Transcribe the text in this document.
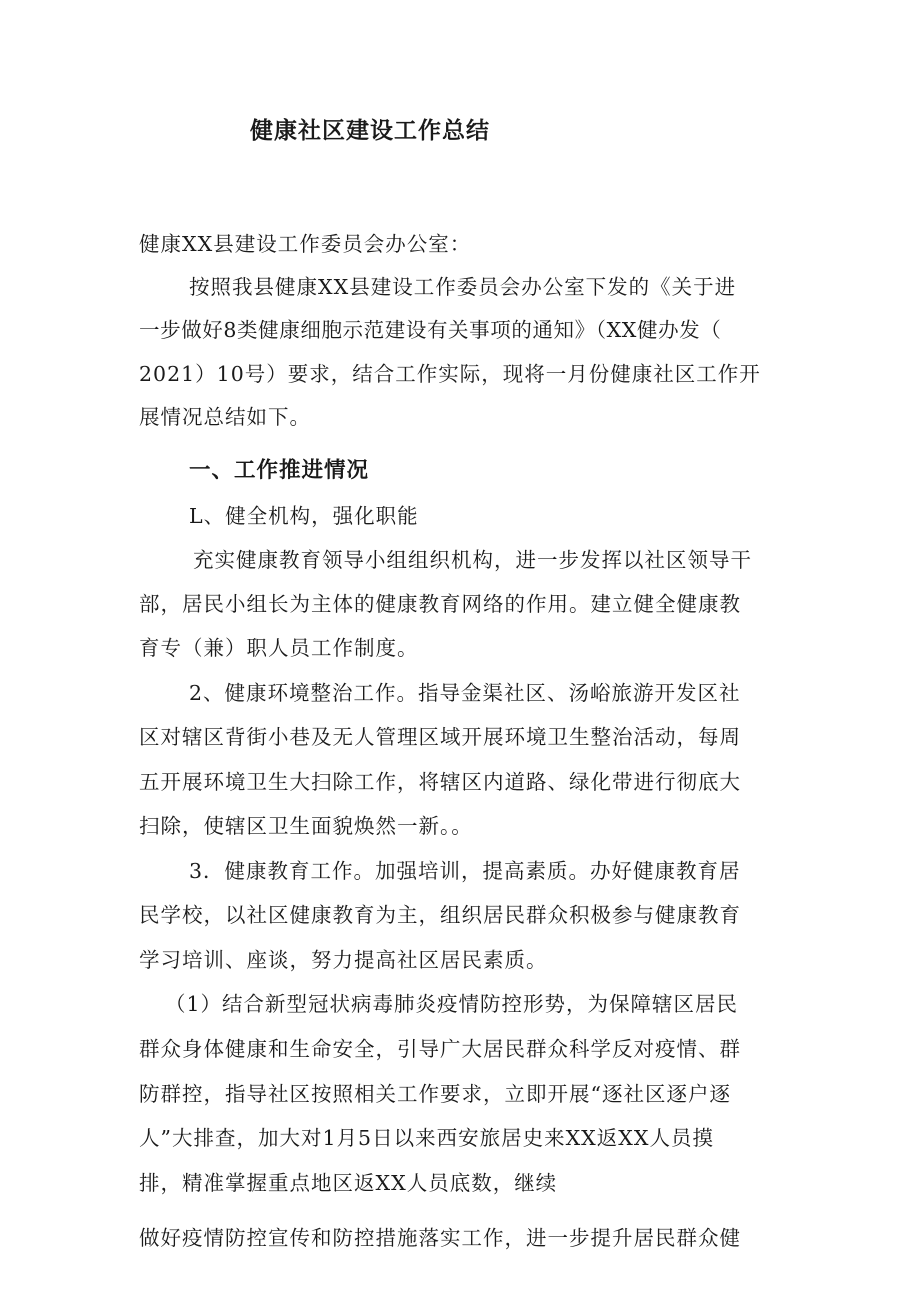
健康社区建设工作总结
健康XX县建设工作委员会办公室：
按照我县健康XX县建设工作委员会办公室下发的《关于进
一步做好8类健康细胞示范建设有关事项的通知》（XX健办发（
2021）10号）要求，结合工作实际，现将一月份健康社区工作开
展情况总结如下。
一、工作推进情况
L、健全机构，强化职能
充实健康教育领导小组组织机构，进一步发挥以社区领导干
部，居民小组长为主体的健康教育网络的作用。建立健全健康教
育专（兼）职人员工作制度。
2、健康环境整治工作。指导金渠社区、汤峪旅游开发区社
区对辖区背街小巷及无人管理区域开展环境卫生整治活动，每周
五开展环境卫生大扫除工作，将辖区内道路、绿化带进行彻底大
扫除，使辖区卫生面貌焕然一新。。
3．健康教育工作。加强培训，提高素质。办好健康教育居
民学校，以社区健康教育为主，组织居民群众积极参与健康教育
学习培训、座谈，努力提高社区居民素质。
（1）结合新型冠状病毒肺炎疫情防控形势，为保障辖区居民
群众身体健康和生命安全，引导广大居民群众科学反对疫情、群
防群控，指导社区按照相关工作要求，立即开展“逐社区逐户逐
人”大排查，加大对1月5日以来西安旅居史来XX返XX人员摸
排，精准掌握重点地区返XX人员底数，继续
做好疫情防控宣传和防控措施落实工作，进一步提升居民群众健
